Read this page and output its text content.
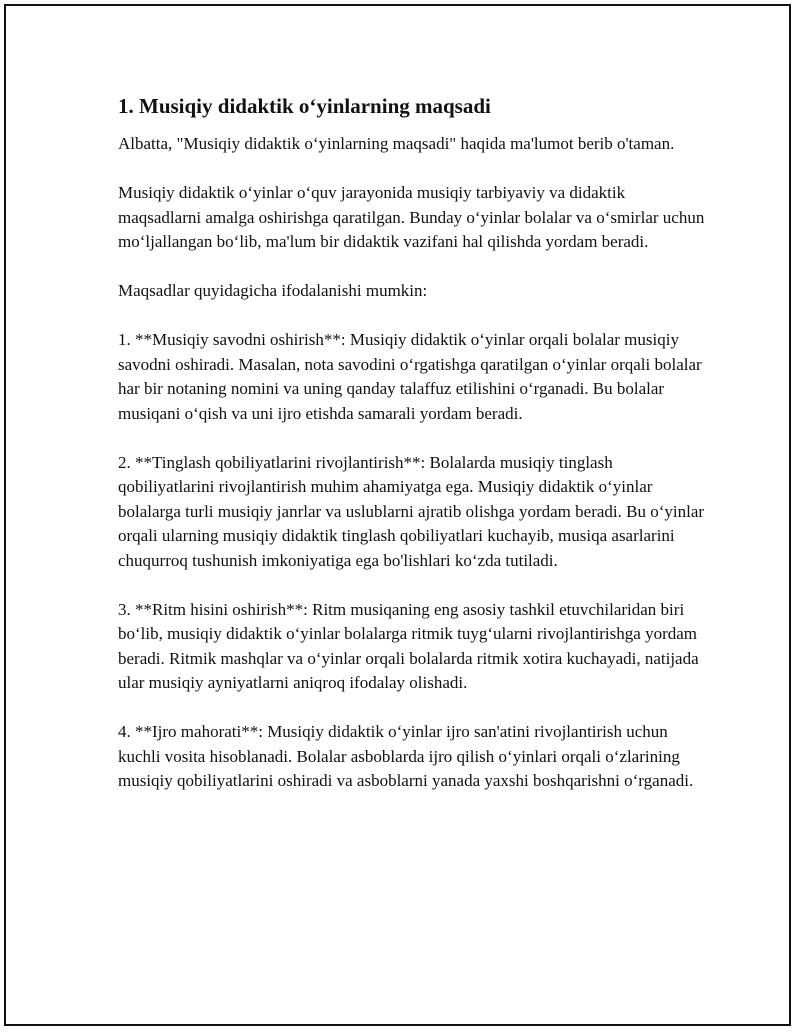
1. Musiqiy didaktik o‘yinlarning maqsadi

Albatta, "Musiqiy didaktik o‘yinlarning maqsadi" haqida ma'lumot berib o'taman.

Musiqiy didaktik o‘yinlar o‘quv jarayonida musiqiy tarbiyaviy va didaktik maqsadlarni amalga oshirishga qaratilgan. Bunday o‘yinlar bolalar va o‘smirlar uchun mo‘ljallangan bo‘lib, ma'lum bir didaktik vazifani hal qilishda yordam beradi.

Maqsadlar quyidagicha ifodalanishi mumkin:

1. **Musiqiy savodni oshirish**: Musiqiy didaktik o‘yinlar orqali bolalar musiqiy savodni oshiradi. Masalan, nota savodini o‘rgatishga qaratilgan o‘yinlar orqali bolalar har bir notaning nomini va uning qanday talaffuz etilishini o‘rganadi. Bu bolalar musiqani o‘qish va uni ijro etishda samarali yordam beradi.

2. **Tinglash qobiliyatlarini rivojlantirish**: Bolalarda musiqiy tinglash qobiliyatlarini rivojlantirish muhim ahamiyatga ega. Musiqiy didaktik o‘yinlar bolalarga turli musiqiy janrlar va uslublarni ajratib olishga yordam beradi. Bu o‘yinlar orqali ularning musiqiy didaktik tinglash qobiliyatlari kuchayib, musiqa asarlarini chuqurroq tushunish imkoniyatiga ega bo'lishlari ko‘zda tutiladi.

3. **Ritm hisini oshirish**: Ritm musiqaning eng asosiy tashkil etuvchilaridan biri bo‘lib, musiqiy didaktik o‘yinlar bolalarga ritmik tuyg‘ularni rivojlantirishga yordam beradi. Ritmik mashqlar va o‘yinlar orqali bolalarda ritmik xotira kuchayadi, natijada ular musiqiy ayniyatlarni aniqroq ifodalay olishadi.

4. **Ijro mahorati**: Musiqiy didaktik o‘yinlar ijro san'atini rivojlantirish uchun kuchli vosita hisoblanadi. Bolalar asboblarda ijro qilish o‘yinlari orqali o‘zlarining musiqiy qobiliyatlarini oshiradi va asboblarni yanada yaxshi boshqarishni o‘rganadi.
